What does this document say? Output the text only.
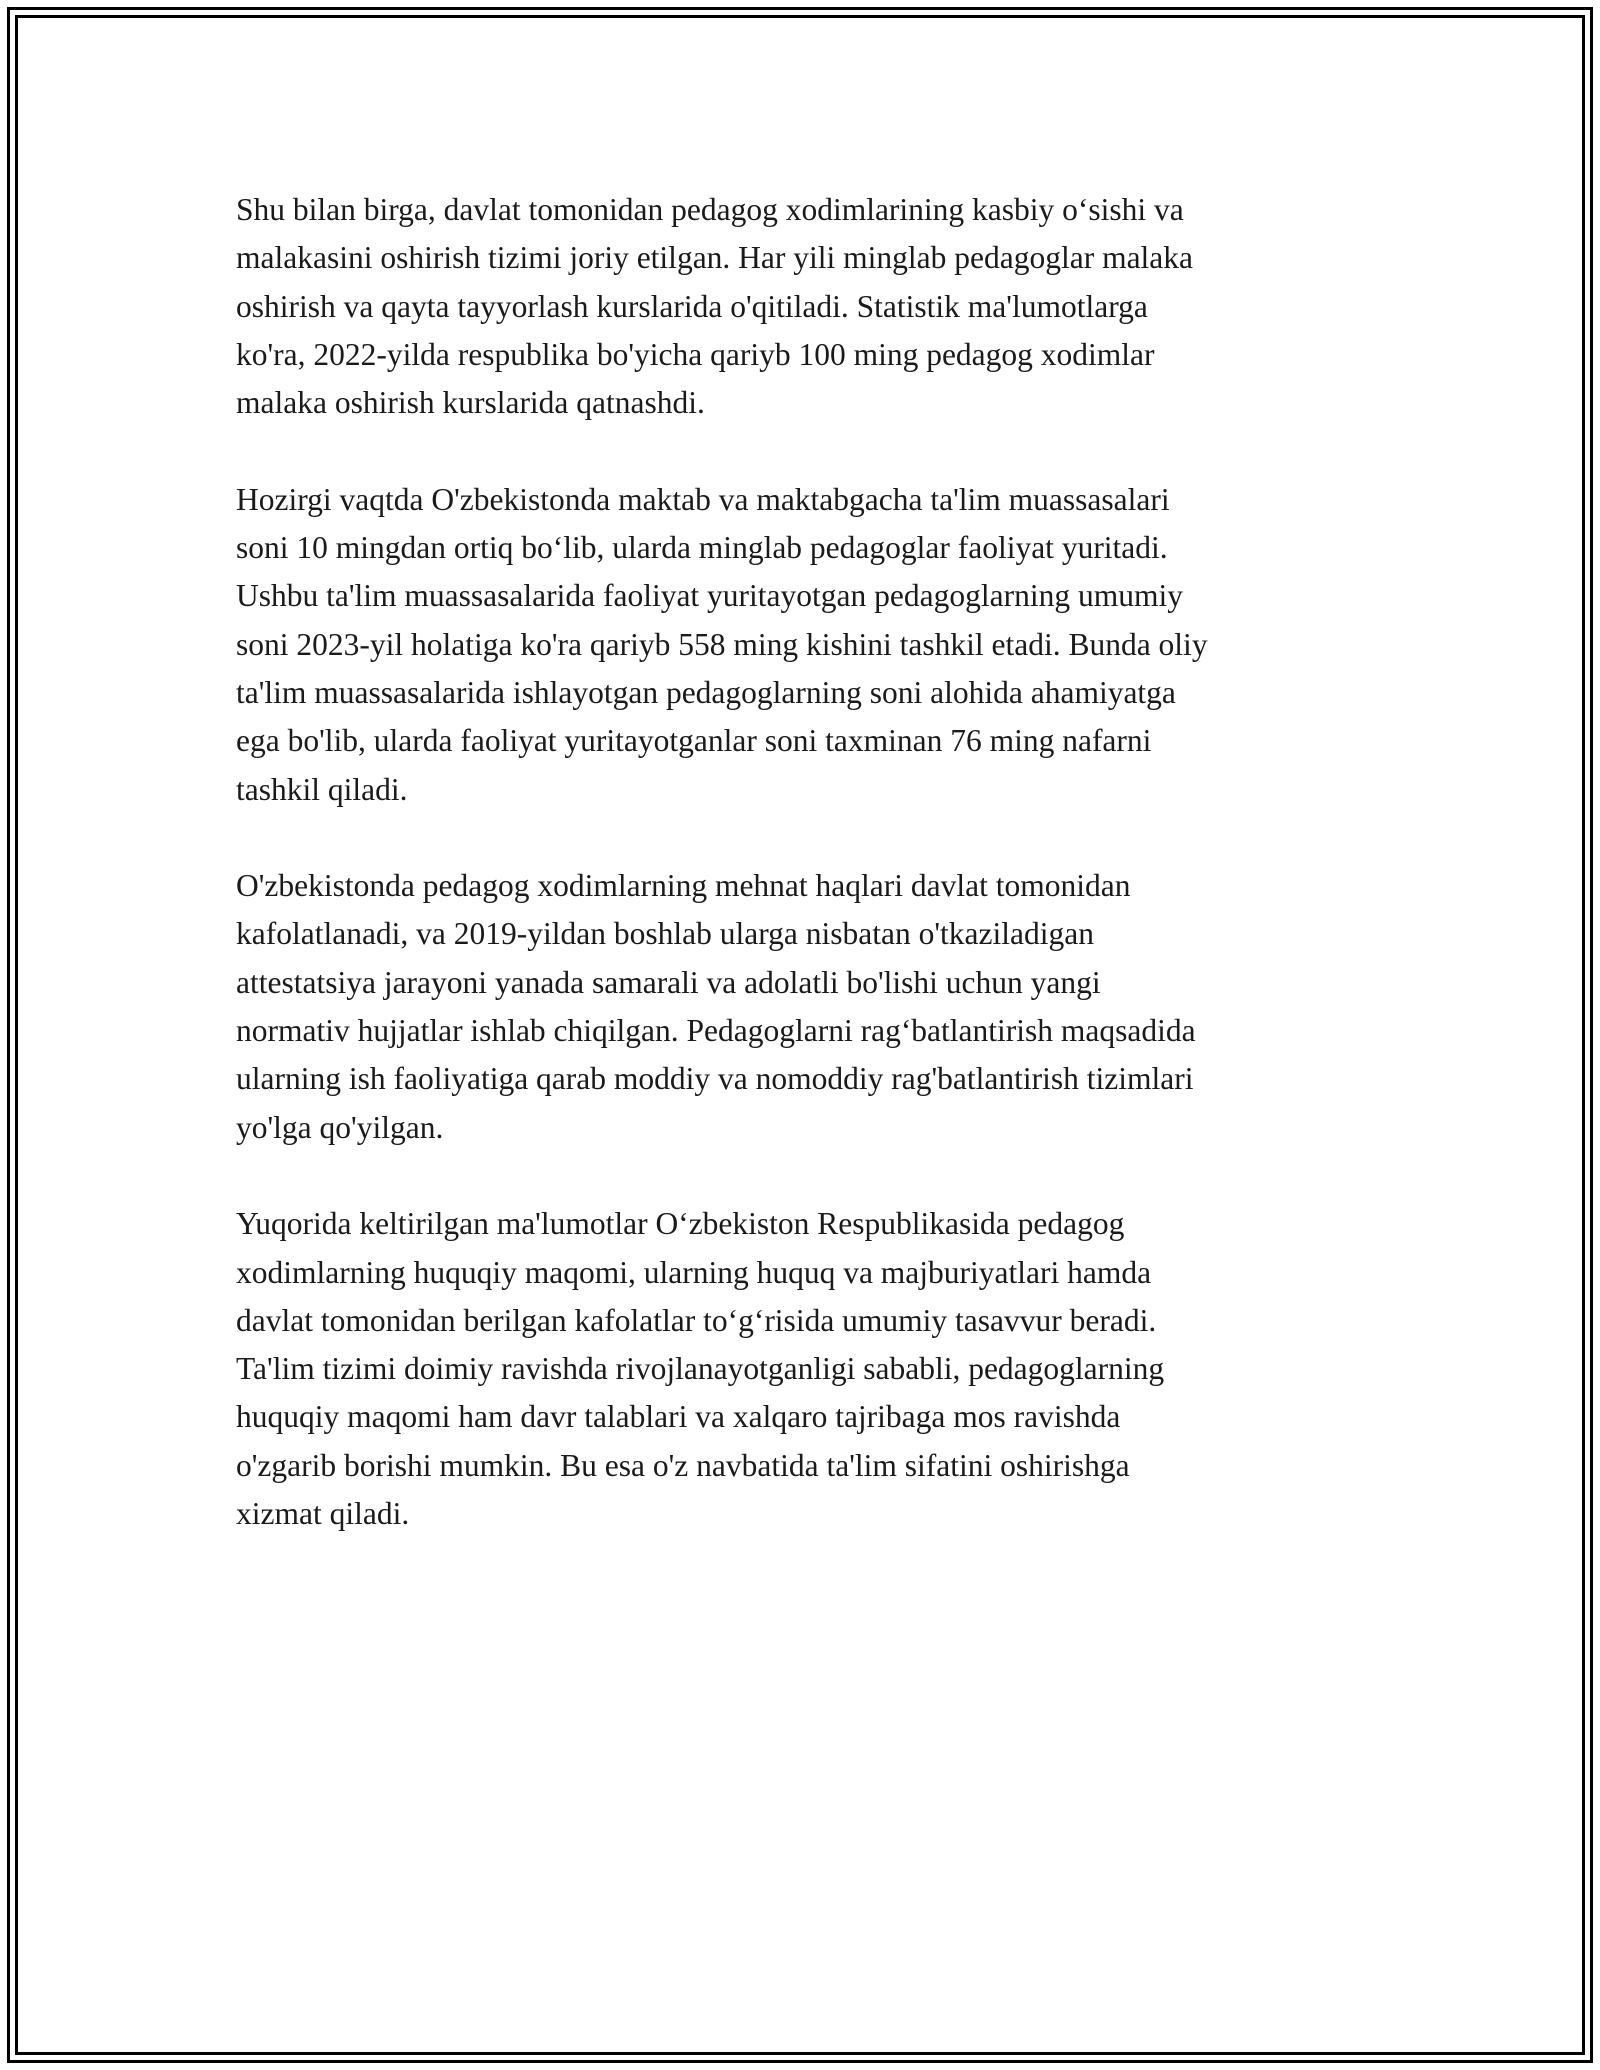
Shu bilan birga, davlat tomonidan pedagog xodimlarining kasbiy o‘sishi va
malakasini oshirish tizimi joriy etilgan. Har yili minglab pedagoglar malaka
oshirish va qayta tayyorlash kurslarida o'qitiladi. Statistik ma'lumotlarga
ko'ra, 2022-yilda respublika bo'yicha qariyb 100 ming pedagog xodimlar
malaka oshirish kurslarida qatnashdi.

Hozirgi vaqtda O'zbekistonda maktab va maktabgacha ta'lim muassasalari
soni 10 mingdan ortiq bo‘lib, ularda minglab pedagoglar faoliyat yuritadi.
Ushbu ta'lim muassasalarida faoliyat yuritayotgan pedagoglarning umumiy
soni 2023-yil holatiga ko'ra qariyb 558 ming kishini tashkil etadi. Bunda oliy
ta'lim muassasalarida ishlayotgan pedagoglarning soni alohida ahamiyatga
ega bo'lib, ularda faoliyat yuritayotganlar soni taxminan 76 ming nafarni
tashkil qiladi.

O'zbekistonda pedagog xodimlarning mehnat haqlari davlat tomonidan
kafolatlanadi, va 2019-yildan boshlab ularga nisbatan o'tkaziladigan
attestatsiya jarayoni yanada samarali va adolatli bo'lishi uchun yangi
normativ hujjatlar ishlab chiqilgan. Pedagoglarni rag‘batlantirish maqsadida
ularning ish faoliyatiga qarab moddiy va nomoddiy rag'batlantirish tizimlari
yo'lga qo'yilgan.

Yuqorida keltirilgan ma'lumotlar O‘zbekiston Respublikasida pedagog
xodimlarning huquqiy maqomi, ularning huquq va majburiyatlari hamda
davlat tomonidan berilgan kafolatlar to‘g‘risida umumiy tasavvur beradi.
Ta'lim tizimi doimiy ravishda rivojlanayotganligi sababli, pedagoglarning
huquqiy maqomi ham davr talablari va xalqaro tajribaga mos ravishda
o'zgarib borishi mumkin. Bu esa o'z navbatida ta'lim sifatini oshirishga
xizmat qiladi.
